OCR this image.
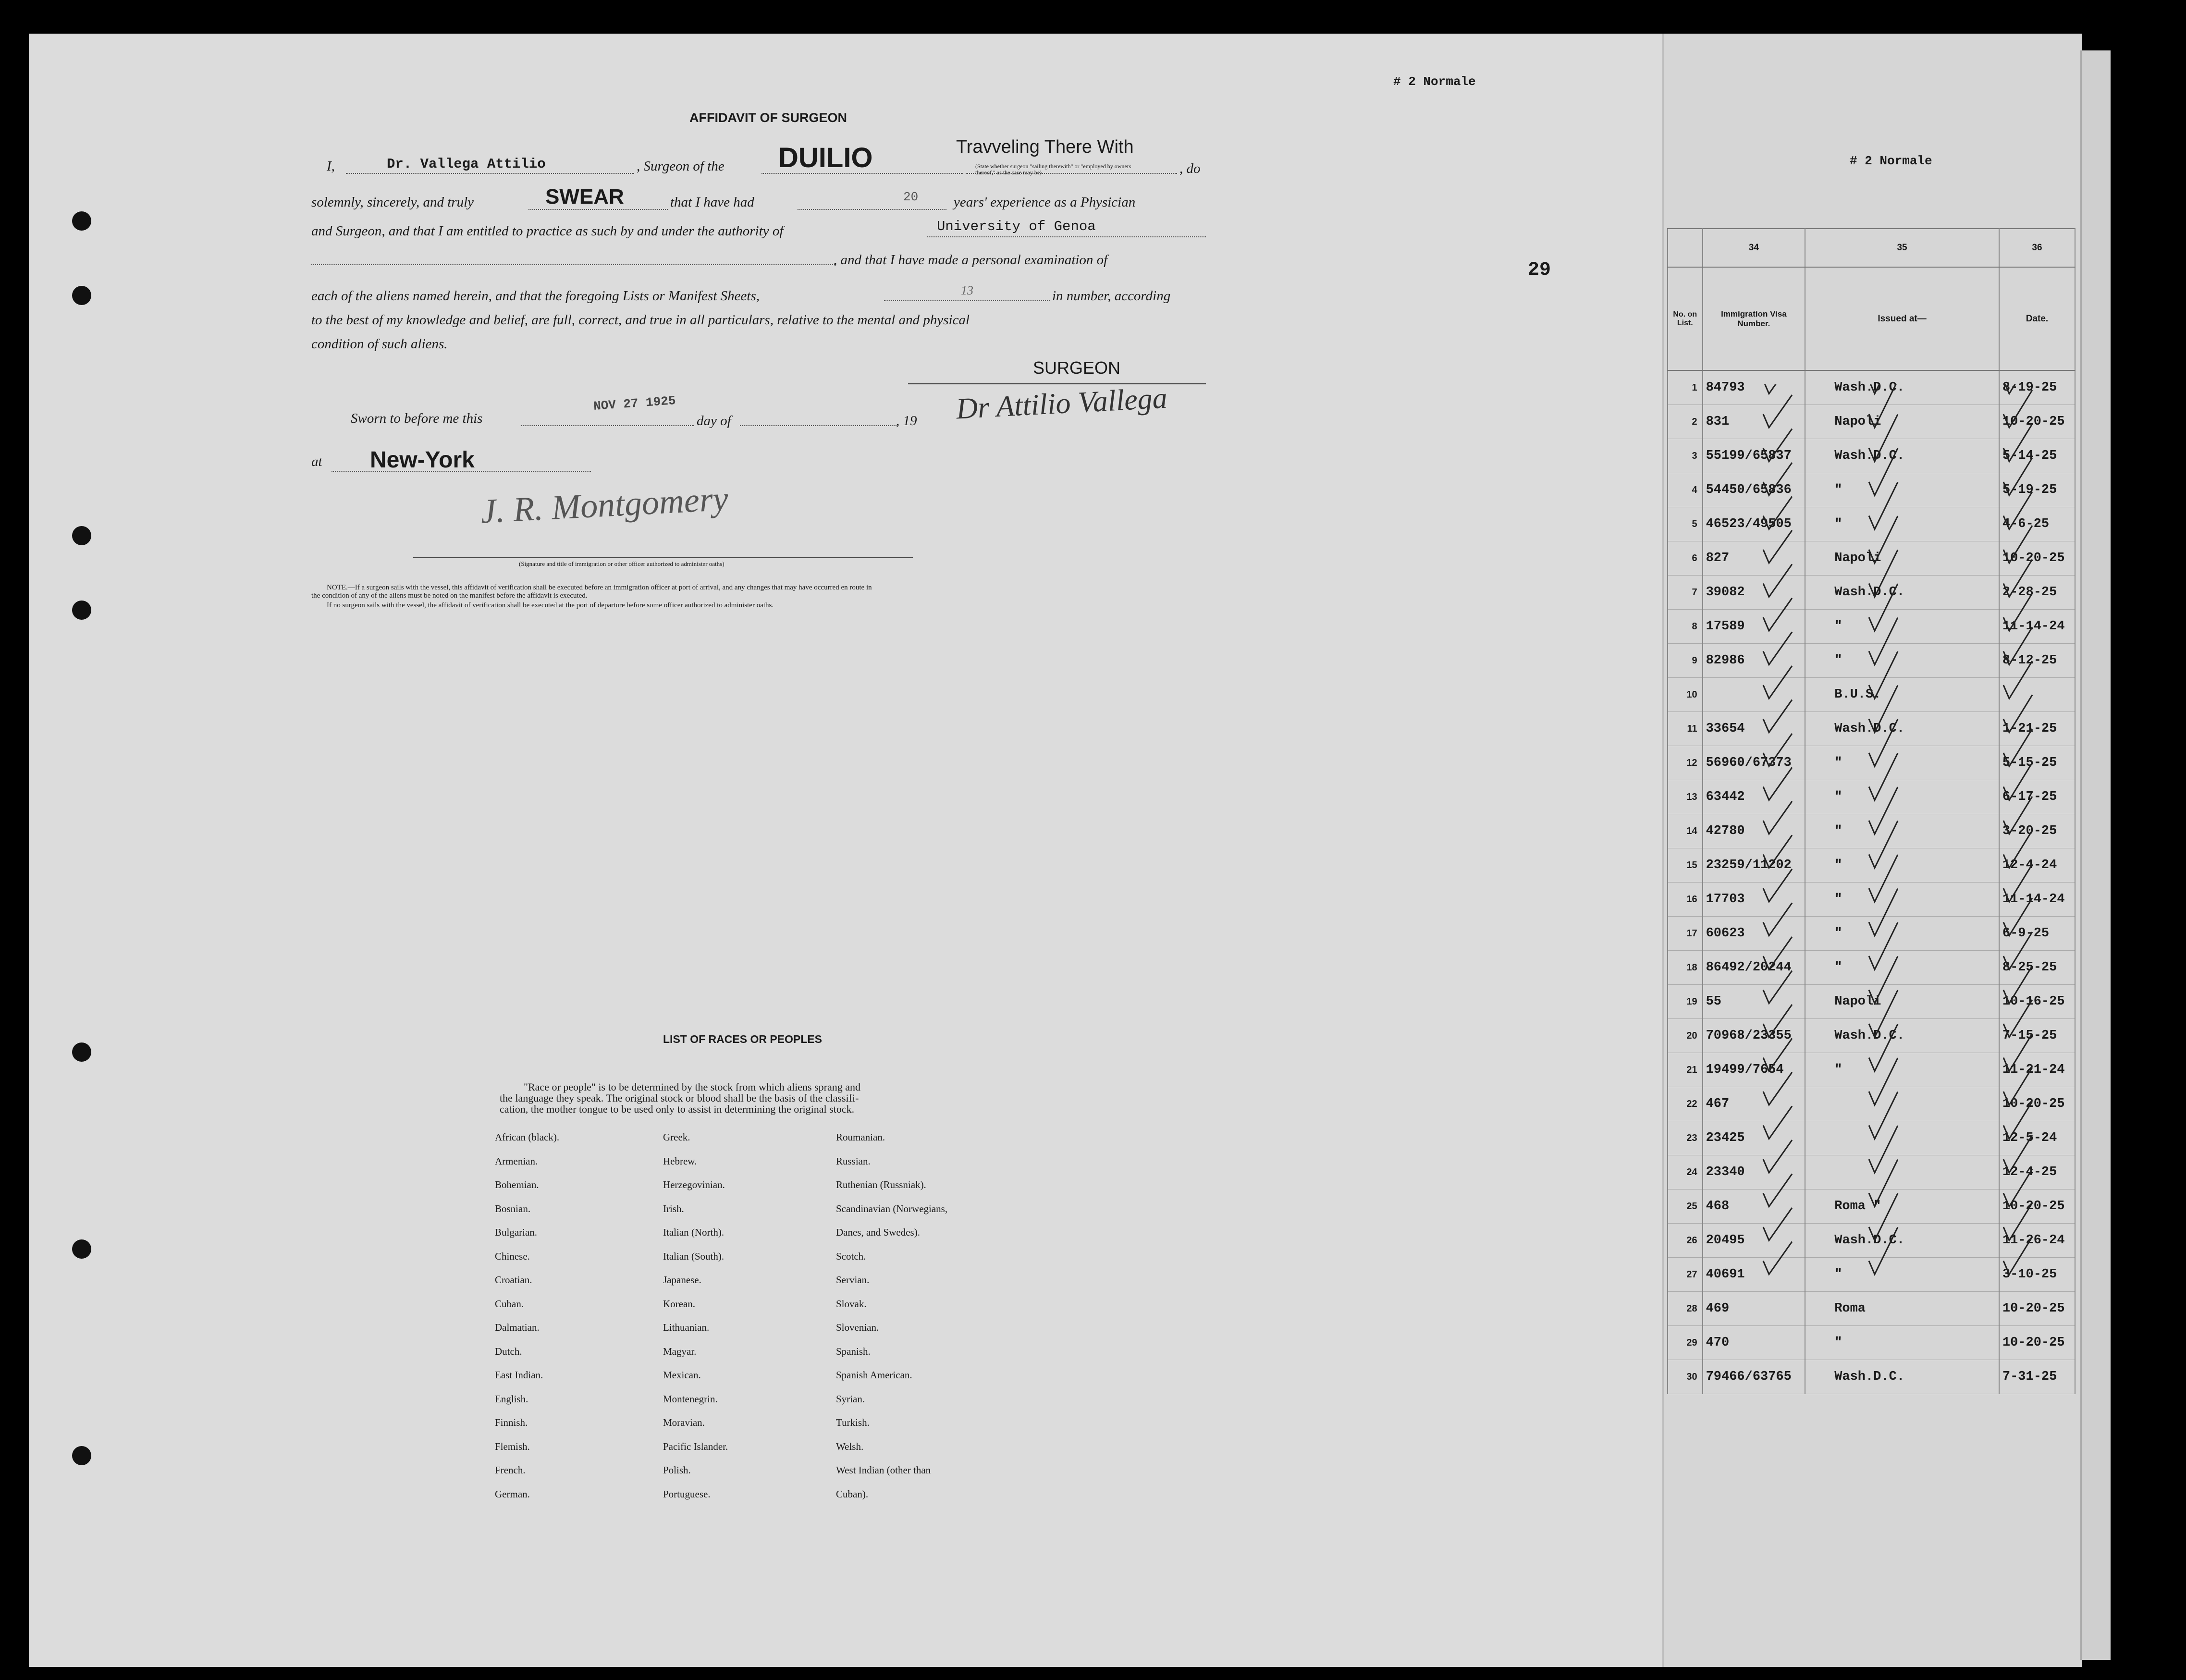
# 2 Normale
# 2 Normale
29
AFFIDAVIT OF SURGEON
I,	Dr. Vallega Attilio	, Surgeon of the DUILIO	Travveling There With
(State whether surgeon "sailing therewith" or "employed by owners thereof," as the case may be)	, do
solemnly, sincerely, and truly	SWEAR	that I have had	20	years' experience as a Physician
and Surgeon, and that I am entitled to practice as such by and under the authority of	University of Genoa
, and that I have made a personal examination of
each of the aliens named herein, and that the foregoing Lists or Manifest Sheets,	13	in number, according
to the best of my knowledge and belief, are full, correct, and true in all particulars, relative to the mental and physical
condition of such aliens.
SURGEON
Dr Attilio Vallega
Sworn to before me this
NOV 27 1925
day of	, 19
at New-York
J. R. Montgomery
(Signature and title of immigration or other officer authorized to administer oaths)
NOTE.—If a surgeon sails with the vessel, this affidavit of verification shall be executed before an immigration officer at port of arrival, and any changes that may have occurred en route in
the condition of any of the aliens must be noted on the manifest before the affidavit is executed.
If no surgeon sails with the vessel, the affidavit of verification shall be executed at the port of departure before some officer authorized to administer oaths.
LIST OF RACES OR PEOPLES
"Race or people" is to be determined by the stock from which aliens sprang and
the language they speak. The original stock or blood shall be the basis of the classifi-
cation, the mother tongue to be used only to assist in determining the original stock.
African (black).	Greek.	Roumanian.
Armenian.	Hebrew.	Russian.
Bohemian.	Herzegovinian.	Ruthenian (Russniak).
Bosnian.	Irish.	Scandinavian (Norwegians,
Bulgarian.	Italian (North).	Danes, and Swedes).
Chinese.	Italian (South).	Scotch.
Croatian.	Japanese.	Servian.
Cuban.	Korean.	Slovak.
Dalmatian.	Lithuanian.	Slovenian.
Dutch.	Magyar.	Spanish.
East Indian.	Mexican.	Spanish American.
English.	Montenegrin.	Syrian.
Finnish.	Moravian.	Turkish.
Flemish.	Pacific Islander.	Welsh.
French.	Polish.	West Indian (other than
German.	Portuguese.	Cuban).
	34	35	36
No. on List.	Immigration Visa Number.	Issued at—	Date.
1	84793	Wash.D.C.	8-19-25
2	831	Napoli	10-20-25
3	55199/65837	Wash.D.C.	5-14-25
4	54450/65836	"	5-19-25
5	46523/49505	"	4-6-25
6	827	Napoli	10-20-25
7	39082	Wash.D.C.	2-28-25
8	17589	"	11-14-24
9	82986	"	8-12-25
10		B.U.S.	
11	33654	Wash.D.C.	1-21-25
12	56960/67373	"	5-15-25
13	63442	"	6-17-25
14	42780	"	3-20-25
15	23259/11202	"	12-4-24
16	17703	"	11-14-24
17	60623	"	6-9-25
18	86492/20244	"	8-25-25
19	55	Napoli	10-16-25
20	70968/23355	Wash.D.C.	7-15-25
21	19499/7654	"	11-21-24
22	467		10-20-25
23	23425		12-5-24
24	23340		12-4-25
25	468	Roma "	10-20-25
26	20495	Wash.D.C.	11-26-24
27	40691	"	3-10-25
28	469	Roma	10-20-25
29	470	"	10-20-25
30	79466/63765	Wash.D.C.	7-31-25
